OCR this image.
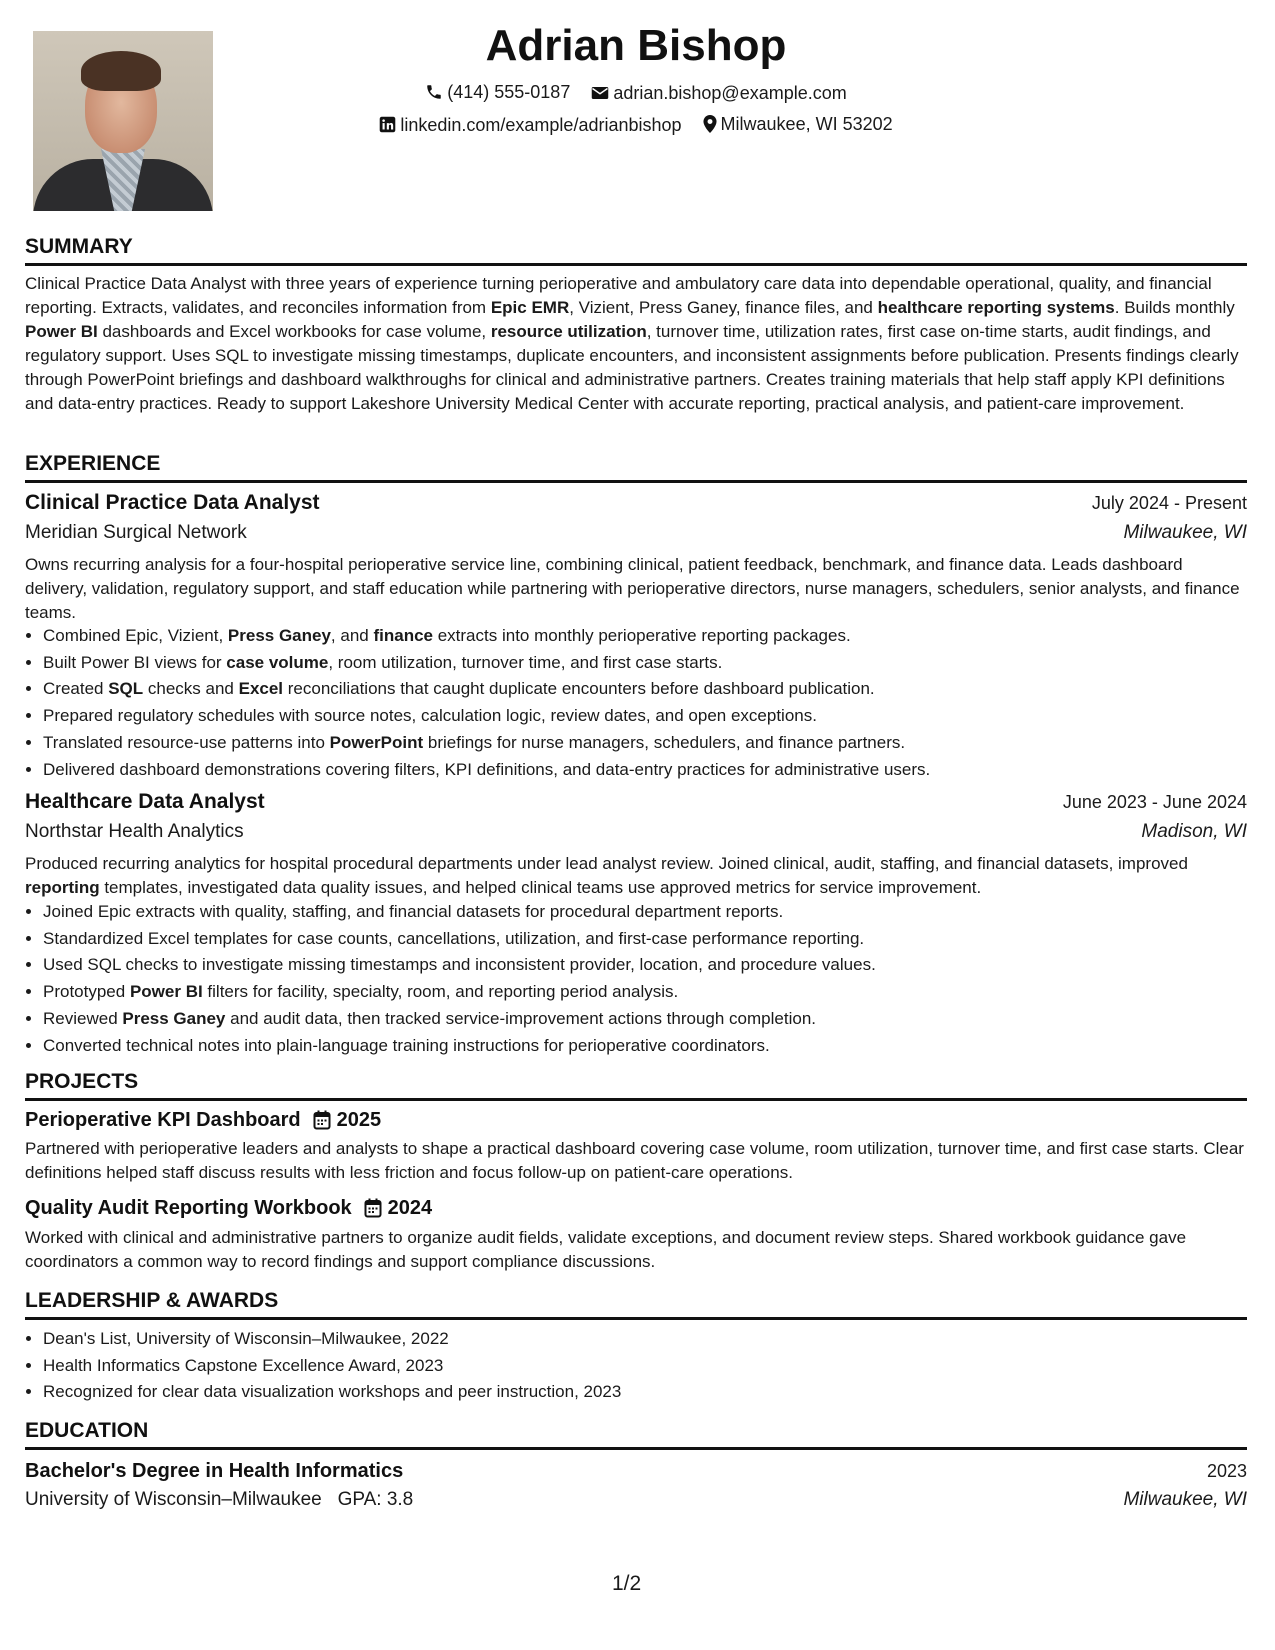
Adrian Bishop
(414) 555-0187
adrian.bishop@example.com
linkedin.com/example/adrianbishop
Milwaukee, WI 53202
SUMMARY
Clinical Practice Data Analyst with three years of experience turning perioperative and ambulatory care data into dependable operational, quality, and financial reporting. Extracts, validates, and reconciles information from Epic EMR, Vizient, Press Ganey, finance files, and healthcare reporting systems. Builds monthly Power BI dashboards and Excel workbooks for case volume, resource utilization, turnover time, utilization rates, first case on-time starts, audit findings, and regulatory support. Uses SQL to investigate missing timestamps, duplicate encounters, and inconsistent assignments before publication. Presents findings clearly through PowerPoint briefings and dashboard walkthroughs for clinical and administrative partners. Creates training materials that help staff apply KPI definitions and data-entry practices. Ready to support Lakeshore University Medical Center with accurate reporting, practical analysis, and patient-care improvement.
EXPERIENCE
Clinical Practice Data Analyst	July 2024 - Present
Meridian Surgical Network	Milwaukee, WI
Owns recurring analysis for a four-hospital perioperative service line, combining clinical, patient feedback, benchmark, and finance data. Leads dashboard delivery, validation, regulatory support, and staff education while partnering with perioperative directors, nurse managers, schedulers, senior analysts, and finance teams.
• Combined Epic, Vizient, Press Ganey, and finance extracts into monthly perioperative reporting packages.
• Built Power BI views for case volume, room utilization, turnover time, and first case starts.
• Created SQL checks and Excel reconciliations that caught duplicate encounters before dashboard publication.
• Prepared regulatory schedules with source notes, calculation logic, review dates, and open exceptions.
• Translated resource-use patterns into PowerPoint briefings for nurse managers, schedulers, and finance partners.
• Delivered dashboard demonstrations covering filters, KPI definitions, and data-entry practices for administrative users.
Healthcare Data Analyst	June 2023 - June 2024
Northstar Health Analytics	Madison, WI
Produced recurring analytics for hospital procedural departments under lead analyst review. Joined clinical, audit, staffing, and financial datasets, improved reporting templates, investigated data quality issues, and helped clinical teams use approved metrics for service improvement.
• Joined Epic extracts with quality, staffing, and financial datasets for procedural department reports.
• Standardized Excel templates for case counts, cancellations, utilization, and first-case performance reporting.
• Used SQL checks to investigate missing timestamps and inconsistent provider, location, and procedure values.
• Prototyped Power BI filters for facility, specialty, room, and reporting period analysis.
• Reviewed Press Ganey and audit data, then tracked service-improvement actions through completion.
• Converted technical notes into plain-language training instructions for perioperative coordinators.
PROJECTS
Perioperative KPI Dashboard 2025
Partnered with perioperative leaders and analysts to shape a practical dashboard covering case volume, room utilization, turnover time, and first case starts. Clear definitions helped staff discuss results with less friction and focus follow-up on patient-care operations.
Quality Audit Reporting Workbook 2024
Worked with clinical and administrative partners to organize audit fields, validate exceptions, and document review steps. Shared workbook guidance gave coordinators a common way to record findings and support compliance discussions.
LEADERSHIP & AWARDS
• Dean's List, University of Wisconsin–Milwaukee, 2022
• Health Informatics Capstone Excellence Award, 2023
• Recognized for clear data visualization workshops and peer instruction, 2023
EDUCATION
Bachelor's Degree in Health Informatics	2023
University of Wisconsin–Milwaukee GPA: 3.8	Milwaukee, WI
1/2
